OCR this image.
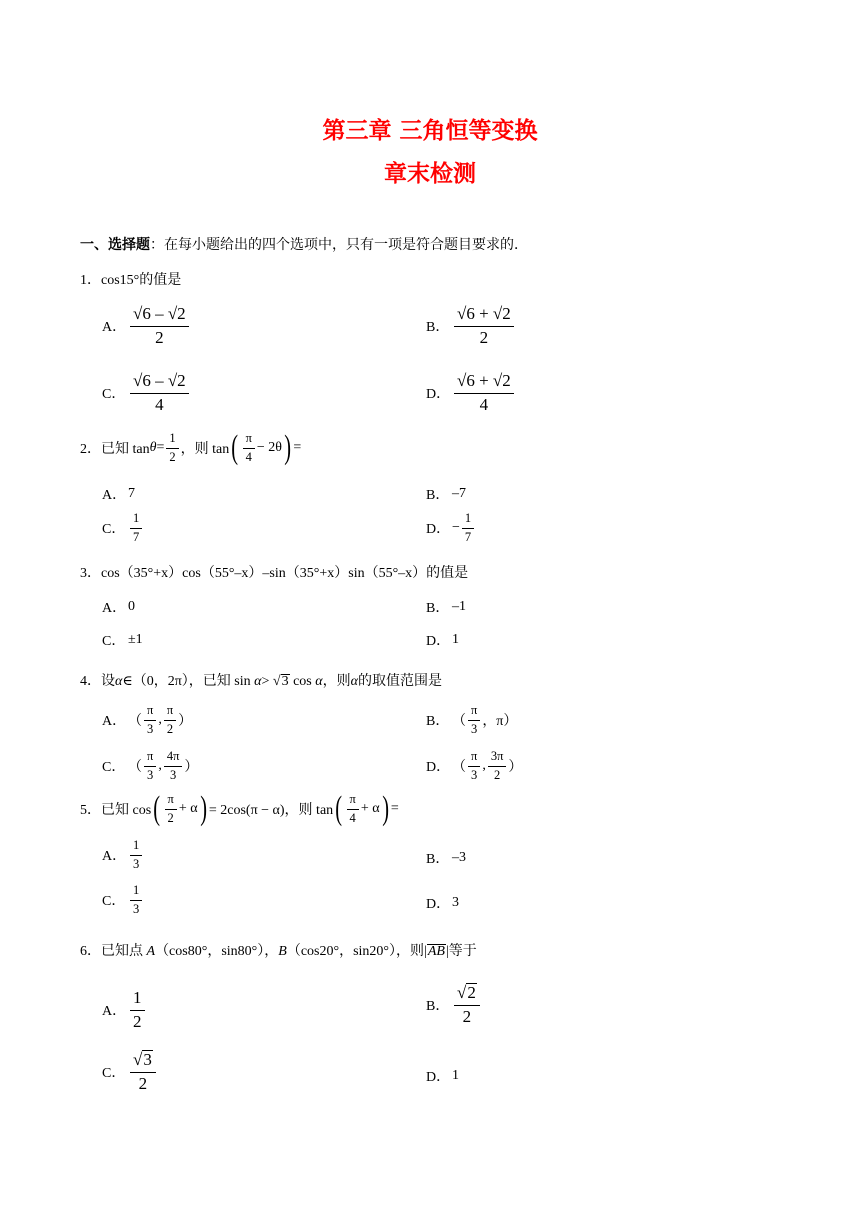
第三章 三角恒等变换
章末检测
一、选择题：在每小题给出的四个选项中，只有一项是符合题目要求的．
1．cos15°的值是
A． $\frac{√6 - √2}{2}$	B． $\frac{√6 + √2}{2}$
C． $\frac{√6 - √2}{4}$	D． $\frac{√6 + √2}{4}$
2． 已知 $\tan \theta = \frac{1}{2}$ ，则 tan ( $\frac{\pi}{4} - 2\theta$ ) =
A． 7	B． –7
C． $\frac{1}{7}$	D． − $\frac{1}{7}$
3．cos（35°+x）cos（55°–x）–sin（35°+x）sin（55°–x）的值是
A． 0	B． –1
C． ±1	D． 1
4．设α∈（0，2π），已知 sin α> √3 cos α，则α的取值范围是
A． （ $\frac{\pi}{3}$ , $\frac{\pi}{2}$ ）	B． （ $\frac{\pi}{3}$ ，π）
C． （ $\frac{\pi}{3}$ , $\frac{4\pi}{3}$ ）	D． （ $\frac{\pi}{3}$ , $\frac{3\pi}{2}$ ）
5． 已知 cos ( $\frac{\pi}{2} + \alpha$ ) = 2cos(π − α)，则 tan ( $\frac{\pi}{4} + \alpha$ ) =
A． $\frac{1}{3}$	B． –3
C． $\frac{1}{3}$	D． 3
6．已知点 A（cos80°，sin80°），B（cos20°，sin20°），则|AB|等于
A． $\frac{1}{2}$	B． $\frac{√2}{2}$
C． $\frac{√3}{2}$	D． 1
